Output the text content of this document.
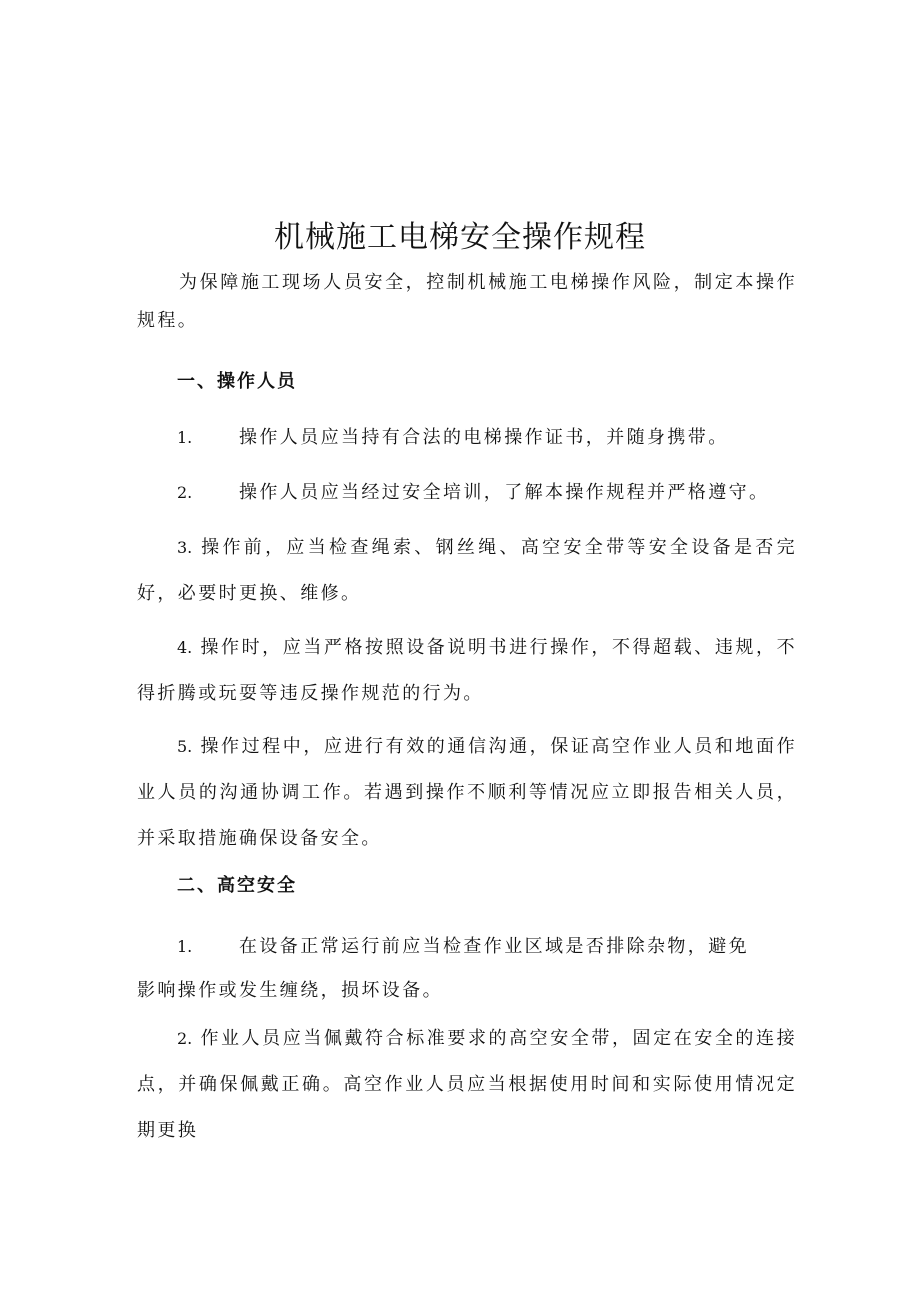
机械施工电梯安全操作规程
为保障施工现场人员安全，控制机械施工电梯操作风险，制定本操作规程。
一、操作人员
1.	操作人员应当持有合法的电梯操作证书，并随身携带。
2.	操作人员应当经过安全培训，了解本操作规程并严格遵守。
3. 操作前，应当检查绳索、钢丝绳、高空安全带等安全设备是否完好，必要时更换、维修。
4. 操作时，应当严格按照设备说明书进行操作，不得超载、违规，不得折腾或玩耍等违反操作规范的行为。
5. 操作过程中，应进行有效的通信沟通，保证高空作业人员和地面作业人员的沟通协调工作。若遇到操作不顺利等情况应立即报告相关人员，并采取措施确保设备安全。
二、高空安全
1.	在设备正常运行前应当检查作业区域是否排除杂物，避免
影响操作或发生缠绕，损坏设备。
2. 作业人员应当佩戴符合标准要求的高空安全带，固定在安全的连接点，并确保佩戴正确。高空作业人员应当根据使用时间和实际使用情况定期更换
